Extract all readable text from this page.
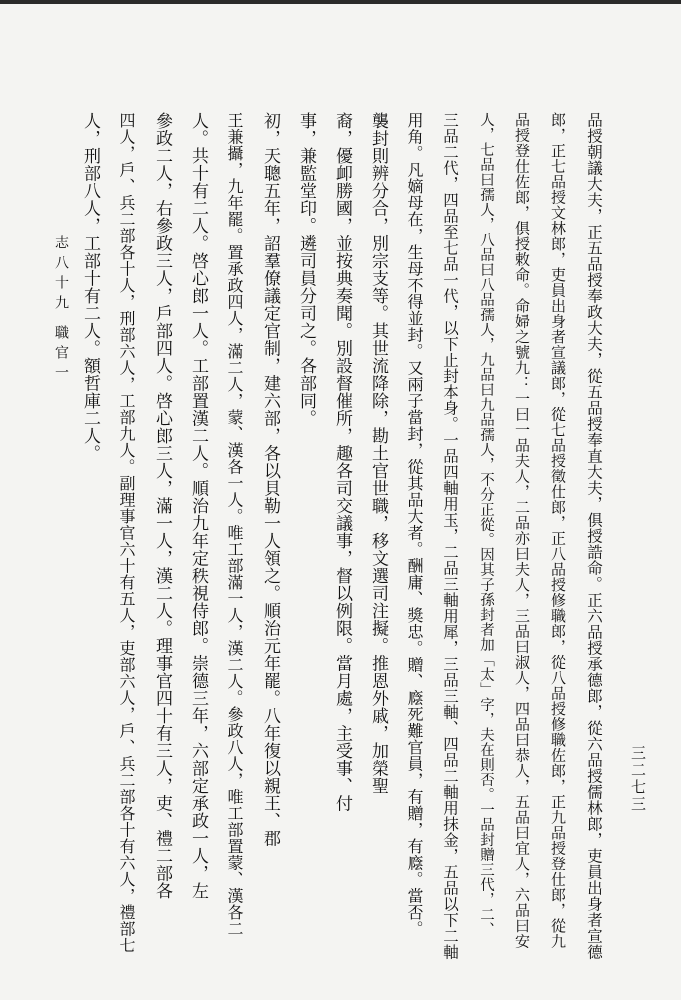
品授朝議大夫，正五品授奉政大夫，從五品授奉直大夫，俱授誥命。正六品授承德郎，從六品授儒林郎，吏員出身者宣德
郎，正七品授文林郎，吏員出身者宣議郎，從七品授徵仕郎，正八品授修職郎，從八品授修職佐郎，正九品授登仕郎，從九
品授登仕佐郎，俱授敕命。命婦之號九：一曰一品夫人，二品亦曰夫人，三品曰淑人，四品曰恭人，五品曰宜人，六品曰安
人，七品曰孺人，八品曰八品孺人，九品曰九品孺人，不分正從。因其子孫封者加「太」字，夫在則否。一品封贈三代，二、
三品二代，四品至七品一代，以下止封本身。一品四軸用玉，二品三軸用犀，三品三軸、四品二軸用抹金，五品以下二軸
用角。凡嫡母在，生母不得並封。又兩子當封，從其品大者。酬庸、獎忠。贈、廕死難官員，有贈，有廕。當否。
襲封則辨分合，別宗支等。其世流降除，勘土官世職，移文選司注擬。推恩外戚，加榮聖
裔，優卹勝國，並按典奏聞。別設督催所，趣各司交議事，督以例限。當月處，主受事、付
事，兼監堂印。遴司員分司之。各部同。
初，天聰五年，詔羣僚議定官制，建六部，各以貝勒一人領之。順治元年罷。八年復以親王、郡
王兼攝，九年罷。置承政四人，滿二人，蒙、漢各一人。唯工部滿一人，漢二人。參政八人，唯工部置蒙、漢各二
人。共十有二人。啓心郎一人。工部置漢二人。順治九年定秩視侍郎。崇德三年，六部定承政一人，左
參政二人，右參政三人，戶部四人。啓心郎三人，滿一人，漢二人。理事官四十有三人，吏、禮二部各
四人，戶、兵二部各十人，刑部六人，工部九人。副理事官六十有五人，吏部六人，戶、兵二部各十有六人，禮部七
人，刑部八人，工部十有二人。額哲庫二人。
三二七三
志八十九
職官一
